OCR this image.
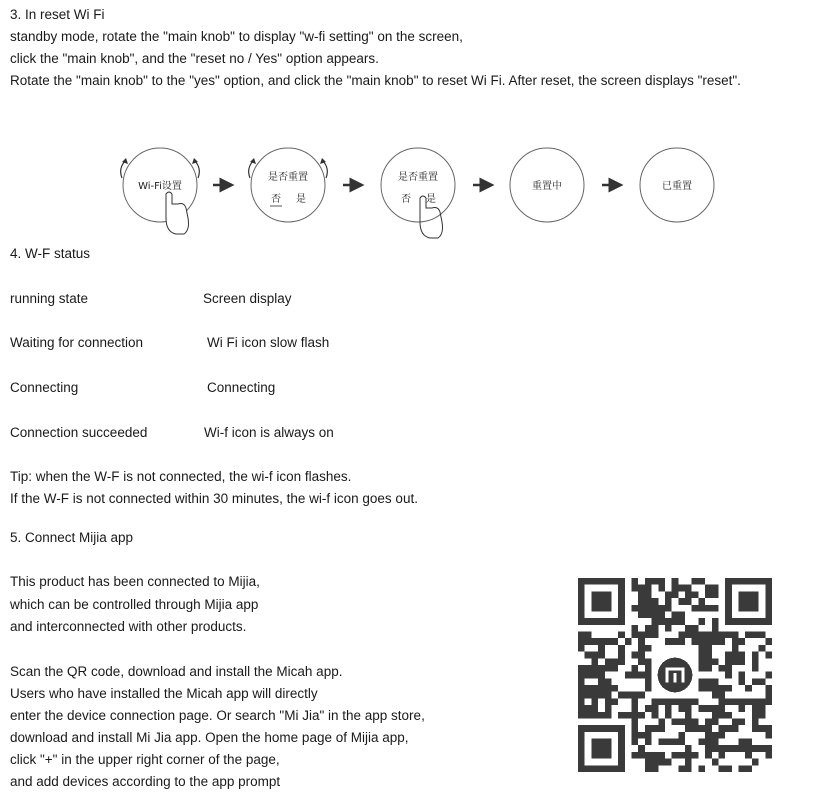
3. In reset Wi Fi
standby mode, rotate the "main knob" to display "w-fi setting" on the screen,
click the "main knob", and the "reset no / Yes" option appears.
Rotate the "main knob" to the "yes" option, and click the "main knob" to reset Wi Fi. After reset, the screen displays "reset".
Wi-Fi设置
是否重置
否 是
是否重置
否 是
重置中	已重置
4. W-F status
running state	Screen display
Waiting for connection	Wi Fi icon slow flash
Connecting	Connecting
Connection succeeded	Wi-f icon is always on
Tip: when the W-F is not connected, the wi-f icon flashes.
If the W-F is not connected within 30 minutes, the wi-f icon goes out.
5. Connect Mijia app
This product has been connected to Mijia,
which can be controlled through Mijia app
and interconnected with other products.
Scan the QR code, download and install the Micah app.
Users who have installed the Micah app will directly
enter the device connection page. Or search "Mi Jia" in the app store,
download and install Mi Jia app. Open the home page of Mijia app,
click "+" in the upper right corner of the page,
and add devices according to the app prompt
